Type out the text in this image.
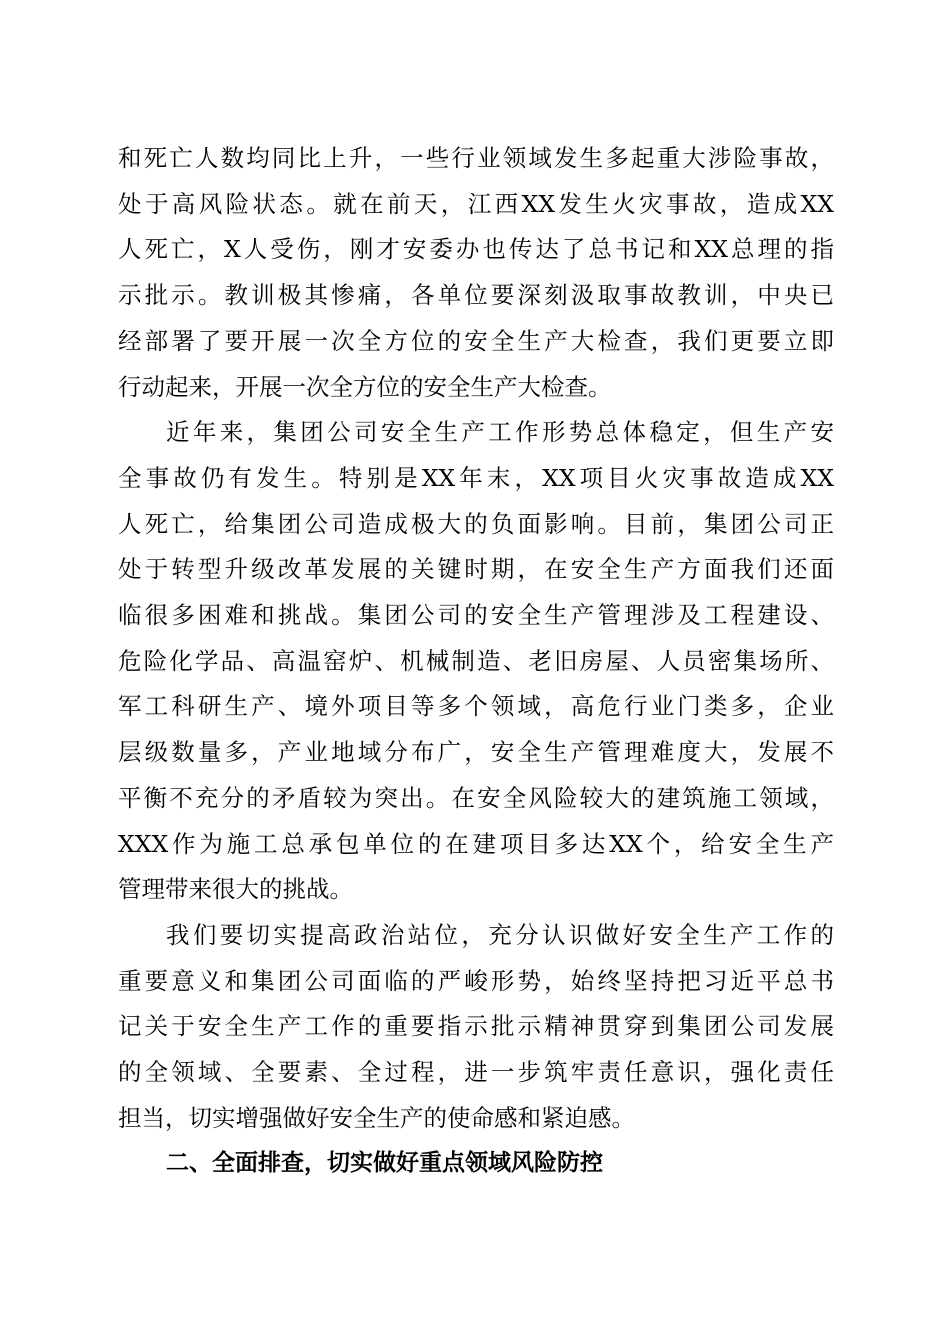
和死亡人数均同比上升，一些行业领域发生多起重大涉险事故，
处于高风险状态。就在前天，江西XX发生火灾事故，造成XX
人死亡，X人受伤，刚才安委办也传达了总书记和XX总理的指
示批示。教训极其惨痛，各单位要深刻汲取事故教训，中央已
经部署了要开展一次全方位的安全生产大检查，我们更要立即
行动起来，开展一次全方位的安全生产大检查。

近年来，集团公司安全生产工作形势总体稳定，但生产安
全事故仍有发生。特别是XX年末，XX项目火灾事故造成XX
人死亡，给集团公司造成极大的负面影响。目前，集团公司正
处于转型升级改革发展的关键时期，在安全生产方面我们还面
临很多困难和挑战。集团公司的安全生产管理涉及工程建设、
危险化学品、高温窑炉、机械制造、老旧房屋、人员密集场所、
军工科研生产、境外项目等多个领域，高危行业门类多，企业
层级数量多，产业地域分布广，安全生产管理难度大，发展不
平衡不充分的矛盾较为突出。在安全风险较大的建筑施工领域，
XXX作为施工总承包单位的在建项目多达XX个，给安全生产
管理带来很大的挑战。

我们要切实提高政治站位，充分认识做好安全生产工作的
重要意义和集团公司面临的严峻形势，始终坚持把习近平总书
记关于安全生产工作的重要指示批示精神贯穿到集团公司发展
的全领域、全要素、全过程，进一步筑牢责任意识，强化责任
担当，切实增强做好安全生产的使命感和紧迫感。

二、全面排查，切实做好重点领域风险防控
